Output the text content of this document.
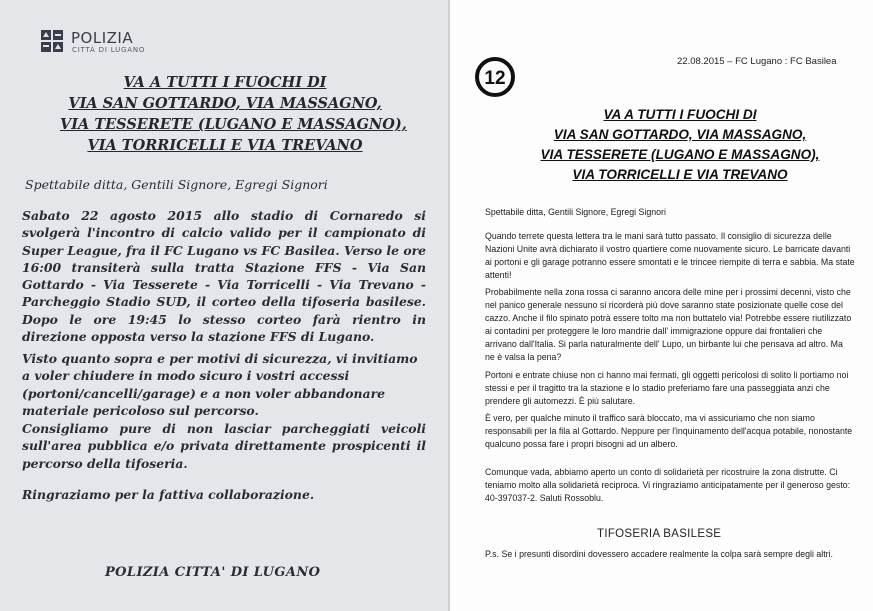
POLIZIA
CITTÀ DI LUGANO
VA A TUTTI I FUOCHI DI
VIA SAN GOTTARDO, VIA MASSAGNO,
VIA TESSERETE (LUGANO E MASSAGNO),
VIA TORRICELLI E VIA TREVANO
Spettabile ditta, Gentili Signore, Egregi Signori
Sabato 22 agosto 2015 allo stadio di Cornaredo si svolgerà l'incontro di calcio valido per il campionato di Super League, fra il FC Lugano vs FC Basilea. Verso le ore 16:00 transiterà sulla tratta Stazione FFS - Via San Gottardo - Via Tesserete - Via Torricelli - Via Trevano - Parcheggio Stadio SUD, il corteo della tifoseria basilese. Dopo le ore 19:45 lo stesso corteo farà rientro in direzione opposta verso la stazione FFS di Lugano.
Visto quanto sopra e per motivi di sicurezza, vi invitiamo a voler chiudere in modo sicuro i vostri accessi (portoni/cancelli/garage) e a non voler abbandonare materiale pericoloso sul percorso.
Consigliamo pure di non lasciar parcheggiati veicoli sull'area pubblica e/o privata direttamente prospicenti il percorso della tifoseria.
Ringraziamo per la fattiva collaborazione.
POLIZIA CITTA' DI LUGANO
12
22.08.2015 – FC Lugano : FC Basilea
VA A TUTTI I FUOCHI DI
VIA SAN GOTTARDO, VIA MASSAGNO,
VIA TESSERETE (LUGANO E MASSAGNO),
VIA TORRICELLI E VIA TREVANO
Spettabile ditta, Gentili Signore, Egregi Signori
Quando terrete questa lettera tra le mani sarà tutto passato. Il consiglio di sicurezza delle Nazioni Unite avrà dichiarato il vostro quartiere come nuovamente sicuro. Le barricate davanti ai portoni e gli garage potranno essere smontati e le trincee riempite di terra e sabbia. Ma state attenti!
Probabilmente nella zona rossa ci saranno ancora delle mine per i prossimi decenni, visto che nel panico generale nessuno si ricorderà più dove saranno state posizionate quelle cose del cazzo. Anche il filo spinato potrà essere tolto ma non buttatelo via! Potrebbe essere riutilizzato ai contadini per proteggere le loro mandrie dall' immigrazione oppure dai frontalieri che arrivano dall'Italia. Si parla naturalmente dell' Lupo, un birbante lui che pensava ad altro. Ma ne è valsa la pena?
Portoni e entrate chiuse non ci hanno mai fermati, gli oggetti pericolosi di solito li portiamo noi stessi e per il tragitto tra la stazione e lo stadio preferiamo fare una passeggiata anzi che prendere gli automezzi. È più salutare.
È vero, per qualche minuto il traffico sarà bloccato, ma vi assicuriamo che non siamo responsabili per la fila al Gottardo. Neppure per l'inquinamento dell'acqua potabile, nonostante qualcuno possa fare i propri bisogni ad un albero.
Comunque vada, abbiamo aperto un conto di solidarietà per ricostruire la zona distrutte. Ci teniamo molto alla solidarietà reciproca. Vi ringraziamo anticipatamente per il generoso gesto: 40-397037-2. Saluti Rossoblu.
TIFOSERIA BASILESE
P.s. Se i presunti disordini dovessero accadere realmente la colpa sarà sempre degli altri.
